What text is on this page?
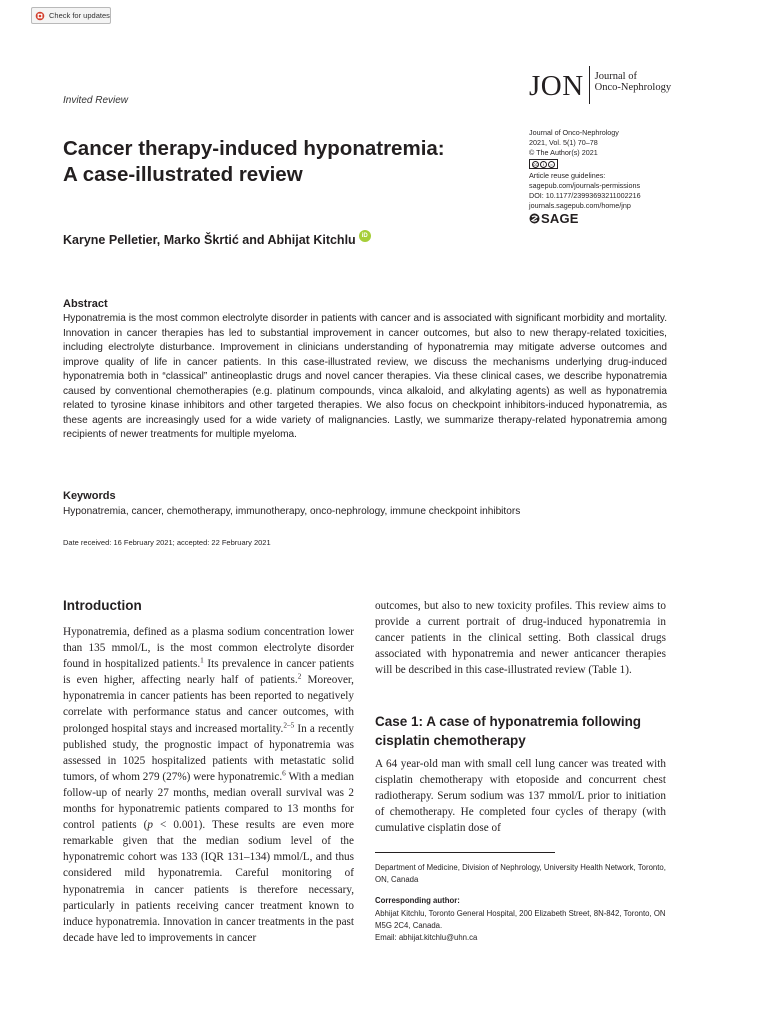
Check for updates
Invited Review	JON Journal of
Onco-Nephrology
Journal of Onco-Nephrology
2021, Vol. 5(1) 70–78
© The Author(s) 2021
cc	i	=
Article reuse guidelines:
sagepub.com/journals-permissions
DOI: 10.1177/23993693211002216
journals.sagepub.com/home/jnp
SAGE
Cancer therapy-induced hyponatremia:
A case-illustrated review
Karyne Pelletier, Marko Škrtić and Abhijat Kitchlu	iD
Abstract
Hyponatremia is the most common electrolyte disorder in patients with cancer and is associated with significant morbidity and mortality. Innovation in cancer therapies has led to substantial improvement in cancer outcomes, but also to new therapy-related toxicities, including electrolyte disturbance. Improvement in clinicians understanding of hyponatremia may mitigate adverse outcomes and improve quality of life in cancer patients. In this case-illustrated review, we discuss the mechanisms underlying drug-induced hyponatremia both in “classical” antineoplastic drugs and novel cancer therapies. Via these clinical cases, we describe hyponatremia caused by conventional chemotherapies (e.g. platinum compounds, vinca alkaloid, and alkylating agents) as well as hyponatremia related to tyrosine kinase inhibitors and other targeted therapies. We also focus on checkpoint inhibitors-induced hyponatremia, as these agents are increasingly used for a wide variety of malignancies. Lastly, we summarize therapy-related hyponatremia among recipients of newer treatments for multiple myeloma.
Keywords
Hyponatremia, cancer, chemotherapy, immunotherapy, onco-nephrology, immune checkpoint inhibitors
Date received: 16 February 2021; accepted: 22 February 2021
Introduction
Hyponatremia, defined as a plasma sodium concentration lower than 135 mmol/L, is the most common electrolyte disorder found in hospitalized patients.$^1$ Its prevalence in cancer patients is even higher, affecting nearly half of patients.$^2$ Moreover, hyponatremia in cancer patients has been reported to negatively correlate with performance status and cancer outcomes, with prolonged hospital stays and increased mortality.$^{2-5}$ In a recently published study, the prognostic impact of hyponatremia was assessed in 1025 hospitalized patients with metastatic solid tumors, of whom 279 (27%) were hyponatremic.$^6$ With a median follow-up of nearly 27 months, median overall survival was 2 months for hyponatremic patients compared to 13 months for control patients (p < 0.001). These results are even more remarkable given that the median sodium level of the hyponatremic cohort was 133 (IQR 131–134) mmol/L, and thus considered mild hyponatremia. Careful monitoring of hyponatremia in cancer patients is therefore necessary, particularly in patients receiving cancer treatment known to induce hyponatremia. Innovation in cancer treatments in the past decade have led to improvements in cancer
outcomes, but also to new toxicity profiles. This review aims to provide a current portrait of drug-induced hyponatremia in cancer patients in the clinical setting. Both classical drugs associated with hyponatremia and newer anticancer therapies will be described in this case-illustrated review (Table 1).
Case 1: A case of hyponatremia following cisplatin chemotherapy
A 64 year-old man with small cell lung cancer was treated with cisplatin chemotherapy with etoposide and concurrent chest radiotherapy. Serum sodium was 137 mmol/L prior to initiation of chemotherapy. He completed four cycles of therapy (with cumulative cisplatin dose of
Department of Medicine, Division of Nephrology, University Health Network, Toronto, ON, Canada
Corresponding author:
Abhijat Kitchlu, Toronto General Hospital, 200 Elizabeth Street, 8N-842, Toronto, ON M5G 2C4, Canada.
Email: abhijat.kitchlu@uhn.ca
